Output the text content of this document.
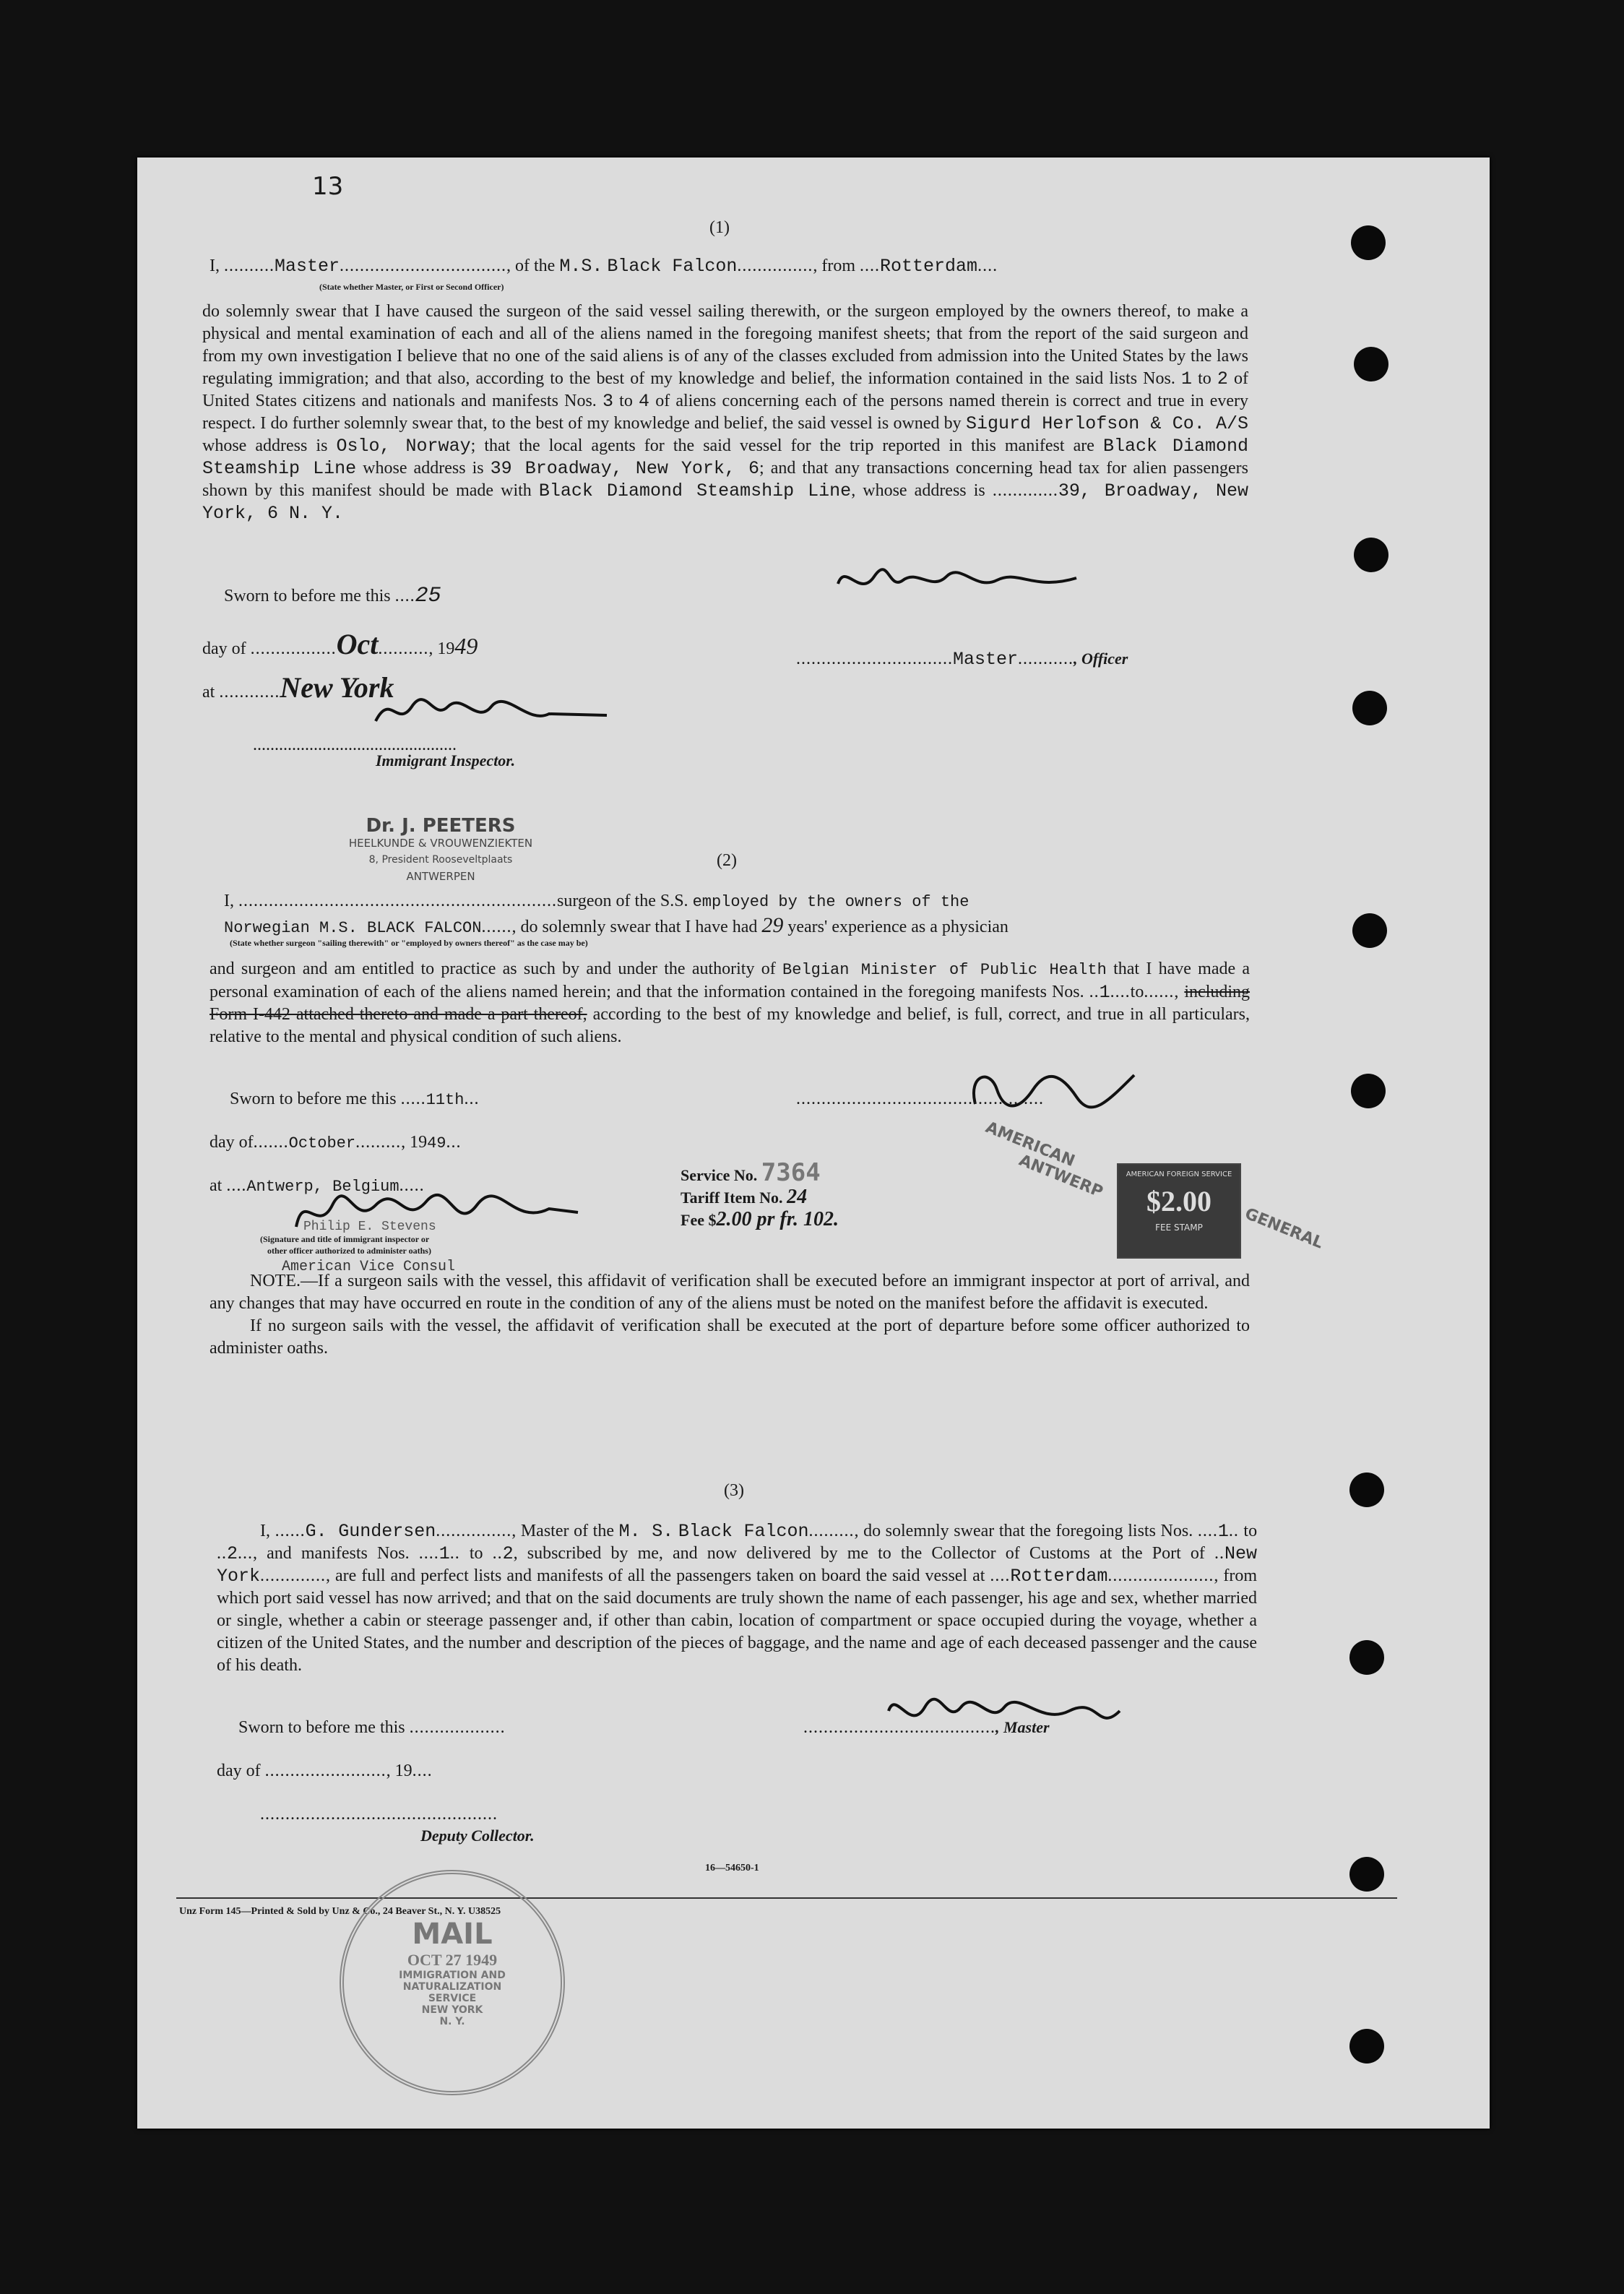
13
(1)
I, ..........Master................................., of the M.S. Black Falcon..............., from ....Rotterdam....
(State whether Master, or First or Second Officer)

do solemnly swear that I have caused the surgeon of the said vessel sailing therewith, or the surgeon employed by the owners thereof, to make a physical and mental examination of each and all of the aliens named in the foregoing manifest sheets; that from the report of the said surgeon and from my own investigation I believe that no one of the said aliens is of any of the classes excluded from admission into the United States by the laws regulating immigration; and that also, according to the best of my knowledge and belief, the information contained in the said lists Nos. 1 to 2 of United States citizens and nationals and manifests Nos. 3 to 4 of aliens concerning each of the persons named therein is correct and true in every respect. I do further solemnly swear that, to the best of my knowledge and belief, the said vessel is owned by Sigurd Herlofson & Co. A/S whose address is Oslo, Norway; that the local agents for the said vessel for the trip reported in this manifest are Black Diamond Steamship Line whose address is 39 Broadway, New York, 6; and that any transactions concerning head tax for alien passengers shown by this manifest should be made with Black Diamond Steamship Line, whose address is .............39, Broadway, New York, 6 N. Y.

Sworn to before me this ....25
day of .................Oct.........., 1949
at ............New York
...............................................
Immigrant Inspector.
...............................Master..........., Officer
Dr. J. PEETERS
HEELKUNDE & VROUWENZIEKTEN
8, President Rooseveltplaats
ANTWERPEN
(2)
I, ...............................................................surgeon of the S.S. employed by the owners of the
Norwegian M.S. BLACK FALCON......, do solemnly swear that I have had 29 years' experience as a physician
(State whether surgeon "sailing therewith" or "employed by owners thereof" as the case may be)

and surgeon and am entitled to practice as such by and under the authority of Belgian Minister of Public Health that I have made a personal examination of each of the aliens named herein; and that the information contained in the foregoing manifests Nos. ..1....to......, including Form I-442 attached thereto and made a part thereof, according to the best of my knowledge and belief, is full, correct, and true in all particulars, relative to the mental and physical condition of such aliens.

Sworn to before me this .....11th...
day of.......October........., 1949...
at ....Antwerp, Belgium.....
Philip E. Stevens
(Signature and title of immigrant inspector or
other officer authorized to administer oaths)
American Vice Consul
.................................................
Service No. 7364
Tariff Item No. 24
Fee $2.00 pr fr. 102.
AMERICAN FOREIGN SERVICE
$2.00
FEE STAMP
AMERICAN
ANTWERP
GENERAL

NOTE.—If a surgeon sails with the vessel, this affidavit of verification shall be executed before an immigrant inspector at port of arrival, and any changes that may have occurred en route in the condition of any of the aliens must be noted on the manifest before the affidavit is executed.

If no surgeon sails with the vessel, the affidavit of verification shall be executed at the port of departure before some officer authorized to administer oaths.

(3)

I, ......G. Gundersen..............., Master of the M. S. Black Falcon........., do solemnly swear that the foregoing lists Nos. ....1.. to ..2..., and manifests Nos. ....1.. to ..2, subscribed by me, and now delivered by me to the Collector of Customs at the Port of ..New York............., are full and perfect lists and manifests of all the passengers taken on board the said vessel at ....Rotterdam....................., from which port said vessel has now arrived; and that on the said documents are truly shown the name of each passenger, his age and sex, whether married or single, whether a cabin or steerage passenger and, if other than cabin, location of compartment or space occupied during the voyage, whether a citizen of the United States, and the number and description of the pieces of baggage, and the name and age of each deceased passenger and the cause of his death.

Sworn to before me this ...................
day of ........................, 19....
...............................................
Deputy Collector.
......................................, Master
16—54650-1
Unz Form 145—Printed & Sold by Unz & Co., 24 Beaver St., N. Y. U38525
MAIL
OCT 27 1949
IMMIGRATION AND
NATURALIZATION
SERVICE
NEW YORK
N. Y.
